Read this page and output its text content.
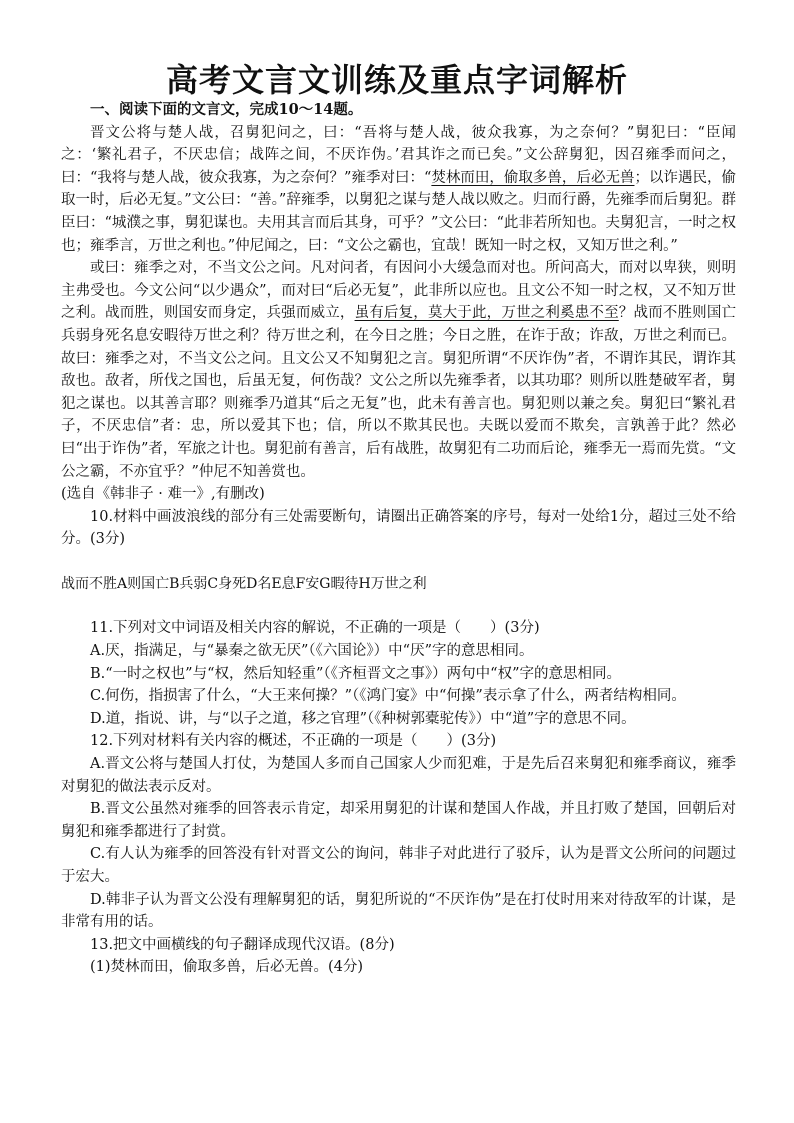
高考文言文训练及重点字词解析

一、阅读下面的文言文，完成10～14题。

晋文公将与楚人战，召舅犯问之，曰：“吾将与楚人战，彼众我寡，为之奈何？”舅犯曰：“臣闻之：‘繁礼君子，不厌忠信；战阵之间，不厌诈伪。’君其诈之而已矣。”文公辞舅犯，因召雍季而问之，曰：“我将与楚人战，彼众我寡，为之奈何？”雍季对曰：“焚林而田，偷取多兽，后必无兽；以诈遇民，偷取一时，后必无复。”文公曰：“善。”辞雍季，以舅犯之谋与楚人战以败之。归而行爵，先雍季而后舅犯。群臣曰：“城濮之事，舅犯谋也。夫用其言而后其身，可乎？”文公曰：“此非若所知也。夫舅犯言，一时之权也；雍季言，万世之利也。”仲尼闻之，曰：“文公之霸也，宜哉！既知一时之权，又知万世之利。”

或曰：雍季之对，不当文公之问。凡对问者，有因问小大缓急而对也。所问高大，而对以卑狭，则明主弗受也。今文公问“以少遇众”，而对曰“后必无复”，此非所以应也。且文公不知一时之权，又不知万世之利。战而胜，则国安而身定，兵强而威立，虽有后复，莫大于此，万世之利奚患不至？战而不胜则国亡兵弱身死名息安暇待万世之利？待万世之利，在今日之胜；今日之胜，在诈于敌；诈敌，万世之利而已。故曰：雍季之对，不当文公之问。且文公又不知舅犯之言。舅犯所谓“不厌诈伪”者，不谓诈其民，谓诈其敌也。敌者，所伐之国也，后虽无复，何伤哉？文公之所以先雍季者，以其功耶？则所以胜楚破军者，舅犯之谋也。以其善言耶？则雍季乃道其“后之无复”也，此未有善言也。舅犯则以兼之矣。舅犯曰“繁礼君子，不厌忠信”者：忠，所以爱其下也；信，所以不欺其民也。夫既以爱而不欺矣，言孰善于此？然必曰“出于诈伪”者，军旅之计也。舅犯前有善言，后有战胜，故舅犯有二功而后论，雍季无一焉而先赏。“文公之霸，不亦宜乎？”仲尼不知善赏也。

(选自《韩非子 · 难一》,有删改)

10.材料中画波浪线的部分有三处需要断句，请圈出正确答案的序号，每对一处给1分，超过三处不给分。(3分)

战而不胜A则国亡B兵弱C身死D名E息F安G暇待H万世之利

11.下列对文中词语及相关内容的解说，不正确的一项是（　　）(3分)

A.厌，指满足，与“暴秦之欲无厌”（《六国论》）中“厌”字的意思相同。

B.“一时之权也”与“权，然后知轻重”（《齐桓晋文之事》）两句中“权”字的意思相同。

C.何伤，指损害了什么，“大王来何操？”（《鸿门宴》中“何操”表示拿了什么，两者结构相同。

D.道，指说、讲，与“以子之道，移之官理”（《种树郭橐驼传》）中“道”字的意思不同。

12.下列对材料有关内容的概述，不正确的一项是（　　）(3分)

A.晋文公将与楚国人打仗，为楚国人多而自己国家人少而犯难，于是先后召来舅犯和雍季商议，雍季对舅犯的做法表示反对。

B.晋文公虽然对雍季的回答表示肯定，却采用舅犯的计谋和楚国人作战，并且打败了楚国，回朝后对舅犯和雍季都进行了封赏。

C.有人认为雍季的回答没有针对晋文公的询问，韩非子对此进行了驳斥，认为是晋文公所问的问题过于宏大。

D.韩非子认为晋文公没有理解舅犯的话，舅犯所说的“不厌诈伪”是在打仗时用来对待敌军的计谋，是非常有用的话。

13.把文中画横线的句子翻译成现代汉语。(8分)

(1)焚林而田，偷取多兽，后必无兽。(4分)
